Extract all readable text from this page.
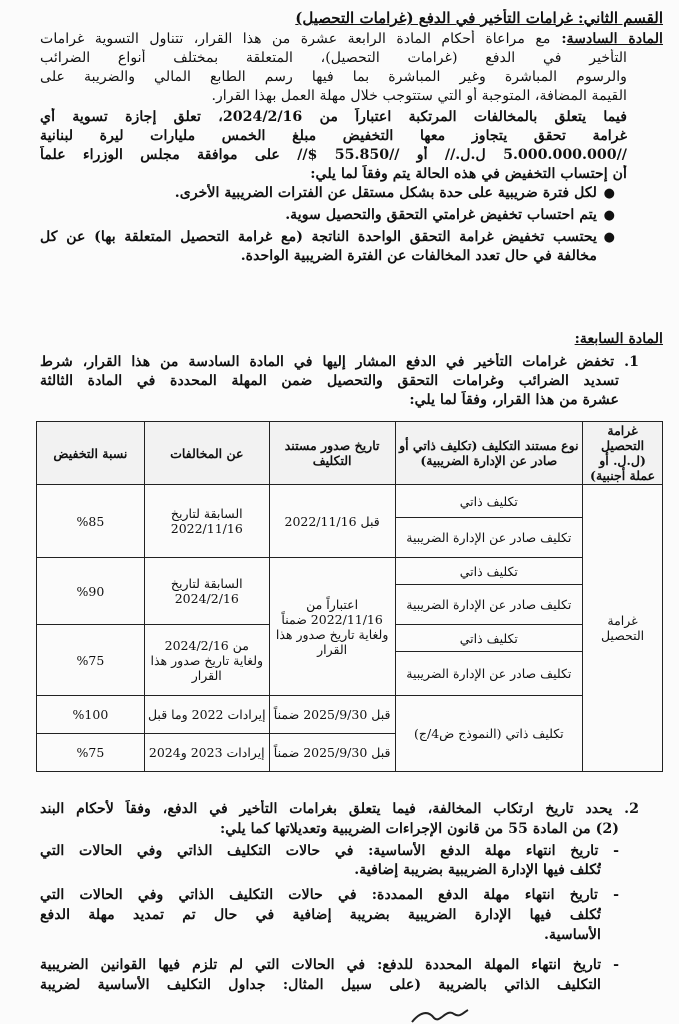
القسم الثاني: غرامات التأخير في الدفع (غرامات التحصيل)
المادة السادسة: مع مراعاة أحكام المادة الرابعة عشرة من هذا القرار، تتناول التسوية غرامات
التأخير في الدفع (غرامات التحصيل)، المتعلقة بمختلف أنواع الضرائب
والرسوم المباشرة وغير المباشرة بما فيها رسم الطابع المالي والضريبة على
القيمة المضافة، المتوجبة أو التي ستتوجب خلال مهلة العمل بهذا القرار.
فيما يتعلق بالمخالفات المرتكبة اعتباراً من 2024/2/16، تعلق إجازة تسوية أي
غرامة تحقق يتجاوز معها التخفيض مبلغ الخمس مليارات ليرة لبنانية
//5.000.000.000 ل.ل.// أو //55.850 $// على موافقة مجلس الوزراء علماً
أن إحتساب التخفيض في هذه الحالة يتم وفقاً لما يلي:
●
لكل فترة ضريبية على حدة بشكل مستقل عن الفترات الضريبية الأخرى.
●
يتم احتساب تخفيض غرامتي التحقق والتحصيل سوية.
●
يحتسب تخفيض غرامة التحقق الواحدة الناتجة (مع غرامة التحصيل المتعلقة بها) عن كل
مخالفة في حال تعدد المخالفات عن الفترة الضريبية الواحدة.
المادة السابعة:
1. تخفض غرامات التأخير في الدفع المشار إليها في المادة السادسة من هذا القرار، شرط
تسديد الضرائب وغرامات التحقق والتحصيل ضمن المهلة المحددة في المادة الثالثة
عشرة من هذا القرار، وفقاً لما يلي:
غرامة التحصيل (ل.ل. أو عملة أجنبية)	نوع مستند التكليف (تكليف ذاتي أو صادر عن الإدارة الضريبية)	تاريخ صدور مستند التكليف	عن المخالفات	نسبة التخفيض
غرامة التحصيل	تكليف ذاتي	قبل 2022/11/16	السابقة لتاريخ 2022/11/16	%85
	تكليف صادر عن الإدارة الضريبية			
	تكليف ذاتي	اعتباراً من 2022/11/16 ضمناً ولغاية تاريخ صدور هذا القرار	السابقة لتاريخ 2024/2/16	%90
	تكليف صادر عن الإدارة الضريبية			
	تكليف ذاتي		من 2024/2/16 ولغاية تاريخ صدور هذا القرار	%75
	تكليف صادر عن الإدارة الضريبية			
	تكليف ذاتي (النموذج ض4/ج)	قبل 2025/9/30 ضمناً	إيرادات 2022 وما قبل	%100
		قبل 2025/9/30 ضمناً	إيرادات 2023 و2024	%75
2. يحدد تاريخ ارتكاب المخالفة، فيما يتعلق بغرامات التأخير في الدفع، وفقاً لأحكام البند
(2) من المادة 55 من قانون الإجراءات الضريبية وتعديلاتها كما يلي:
- تاريخ انتهاء مهلة الدفع الأساسية: في حالات التكليف الذاتي وفي الحالات التي
تُكلف فيها الإدارة الضريبية بضريبة إضافية.
- تاريخ انتهاء مهلة الدفع الممددة: في حالات التكليف الذاتي وفي الحالات التي
تُكلف فيها الإدارة الضريبية بضريبة إضافية في حال تم تمديد مهلة الدفع
الأساسية.
- تاريخ انتهاء المهلة المحددة للدفع: في الحالات التي لم تلزم فيها القوانين الضريبية
التكليف الذاتي بالضريبة (على سبيل المثال: جداول التكليف الأساسية لضريبة
